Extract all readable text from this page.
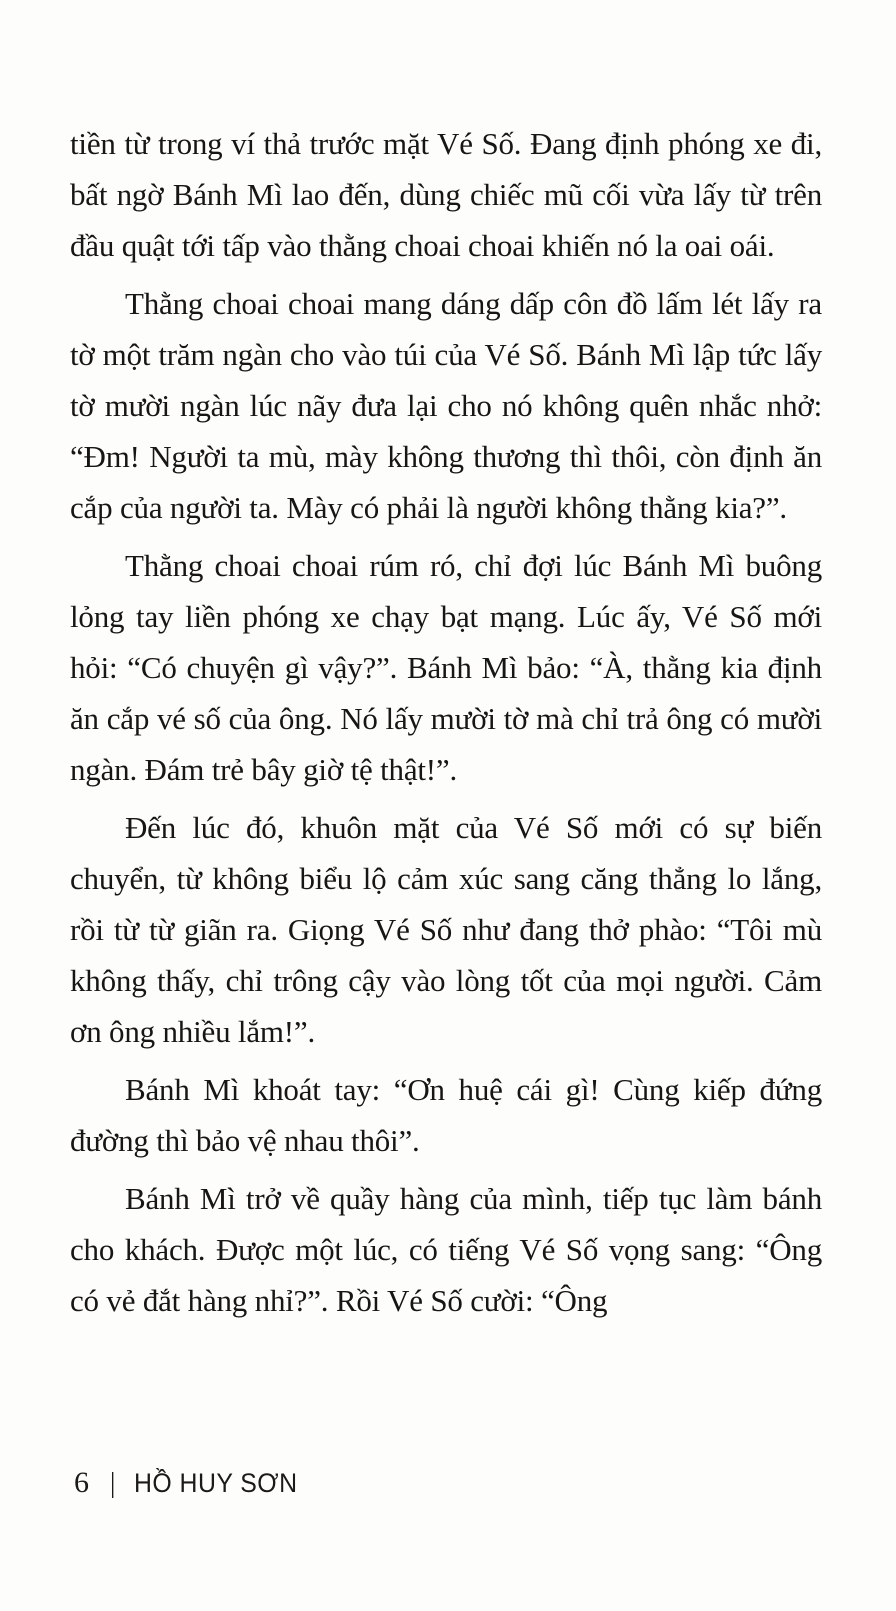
tiền từ trong ví thả trước mặt Vé Số. Đang định phóng xe đi, bất ngờ Bánh Mì lao đến, dùng chiếc mũ cối vừa lấy từ trên đầu quật tới tấp vào thằng choai choai khiến nó la oai oái.

Thằng choai choai mang dáng dấp côn đồ lấm lét lấy ra tờ một trăm ngàn cho vào túi của Vé Số. Bánh Mì lập tức lấy tờ mười ngàn lúc nãy đưa lại cho nó không quên nhắc nhở: “Đm! Người ta mù, mày không thương thì thôi, còn định ăn cắp của người ta. Mày có phải là người không thằng kia?”.

Thằng choai choai rúm ró, chỉ đợi lúc Bánh Mì buông lỏng tay liền phóng xe chạy bạt mạng. Lúc ấy, Vé Số mới hỏi: “Có chuyện gì vậy?”. Bánh Mì bảo: “À, thằng kia định ăn cắp vé số của ông. Nó lấy mười tờ mà chỉ trả ông có mười ngàn. Đám trẻ bây giờ tệ thật!”.

Đến lúc đó, khuôn mặt của Vé Số mới có sự biến chuyển, từ không biểu lộ cảm xúc sang căng thẳng lo lắng, rồi từ từ giãn ra. Giọng Vé Số như đang thở phào: “Tôi mù không thấy, chỉ trông cậy vào lòng tốt của mọi người. Cảm ơn ông nhiều lắm!”.

Bánh Mì khoát tay: “Ơn huệ cái gì! Cùng kiếp đứng đường thì bảo vệ nhau thôi”.

Bánh Mì trở về quầy hàng của mình, tiếp tục làm bánh cho khách. Được một lúc, có tiếng Vé Số vọng sang: “Ông có vẻ đắt hàng nhỉ?”. Rồi Vé Số cười: “Ông

6 | HỒ HUY SƠN
